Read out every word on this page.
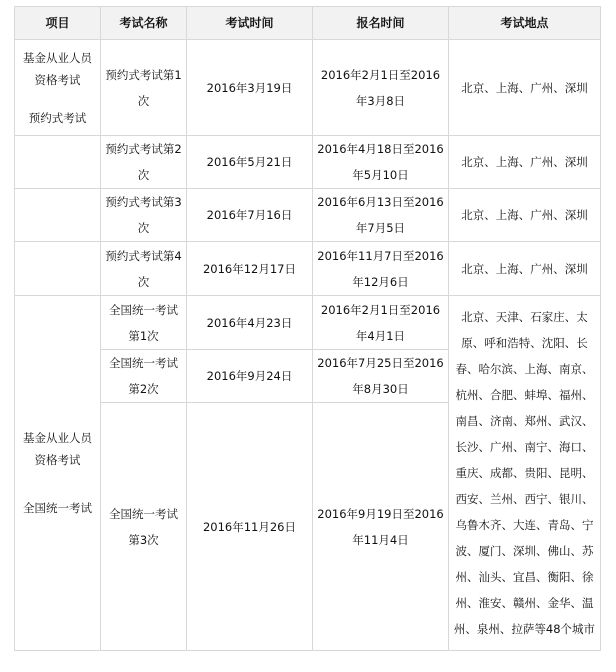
项目	考试名称	考试时间	报名时间	考试地点
基金从业人员资格考试
预约式考试	预约式考试第1次	2016年3月19日	2016年2月1日至2016年3月8日	北京、上海、广州、深圳
	预约式考试第2次	2016年5月21日	2016年4月18日至2016年5月10日	北京、上海、广州、深圳
	预约式考试第3次	2016年7月16日	2016年6月13日至2016年7月5日	北京、上海、广州、深圳
	预约式考试第4次	2016年12月17日	2016年11月7日至2016年12月6日	北京、上海、广州、深圳
基金从业人员资格考试
全国统一考试	全国统一考试第1次	2016年4月23日	2016年2月1日至2016年4月1日	北京、天津、石家庄、太原、呼和浩特、沈阳、长春、哈尔滨、上海、南京、杭州、合肥、蚌埠、福州、南昌、济南、郑州、武汉、长沙、广州、南宁、海口、重庆、成都、贵阳、昆明、西安、兰州、西宁、银川、乌鲁木齐、大连、青岛、宁波、厦门、深圳、佛山、苏州、汕头、宜昌、衡阳、徐州、淮安、赣州、金华、温州、泉州、拉萨等48个城市
	全国统一考试第2次	2016年9月24日	2016年7月25日至2016年8月30日	
	全国统一考试第3次	2016年11月26日	2016年9月19日至2016年11月4日	
